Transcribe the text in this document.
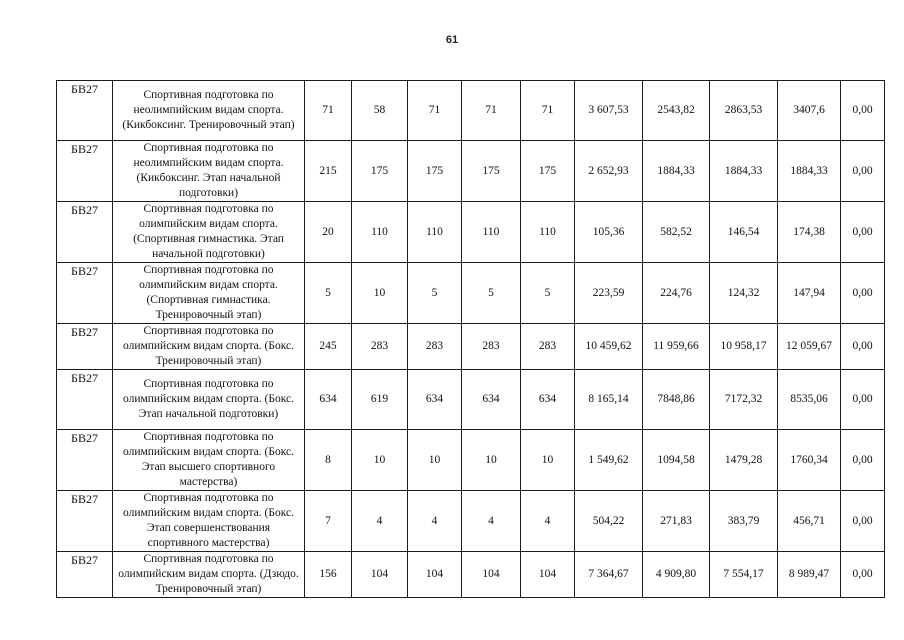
61
БВ27	Спортивная подготовка по неолимпийским видам спорта. (Кикбоксинг. Тренировочный этап)	71	58	71	71	71	3 607,53	2543,82	2863,53	3407,6	0,00
БВ27	Спортивная подготовка по неолимпийским видам спорта. (Кикбоксинг. Этап начальной подготовки)	215	175	175	175	175	2 652,93	1884,33	1884,33	1884,33	0,00
БВ27	Спортивная подготовка по олимпийским видам спорта. (Спортивная гимнастика. Этап начальной подготовки)	20	110	110	110	110	105,36	582,52	146,54	174,38	0,00
БВ27	Спортивная подготовка по олимпийским видам спорта. (Спортивная гимнастика. Тренировочный этап)	5	10	5	5	5	223,59	224,76	124,32	147,94	0,00
БВ27	Спортивная подготовка по олимпийским видам спорта. (Бокс. Тренировочный этап)	245	283	283	283	283	10 459,62	11 959,66	10 958,17	12 059,67	0,00
БВ27	Спортивная подготовка по олимпийским видам спорта. (Бокс. Этап начальной подготовки)	634	619	634	634	634	8 165,14	7848,86	7172,32	8535,06	0,00
БВ27	Спортивная подготовка по олимпийским видам спорта. (Бокс. Этап высшего спортивного мастерства)	8	10	10	10	10	1 549,62	1094,58	1479,28	1760,34	0,00
БВ27	Спортивная подготовка по олимпийским видам спорта. (Бокс. Этап совершенствования спортивного мастерства)	7	4	4	4	4	504,22	271,83	383,79	456,71	0,00
БВ27	Спортивная подготовка по олимпийским видам спорта. (Дзюдо. Тренировочный этап)	156	104	104	104	104	7 364,67	4 909,80	7 554,17	8 989,47	0,00
